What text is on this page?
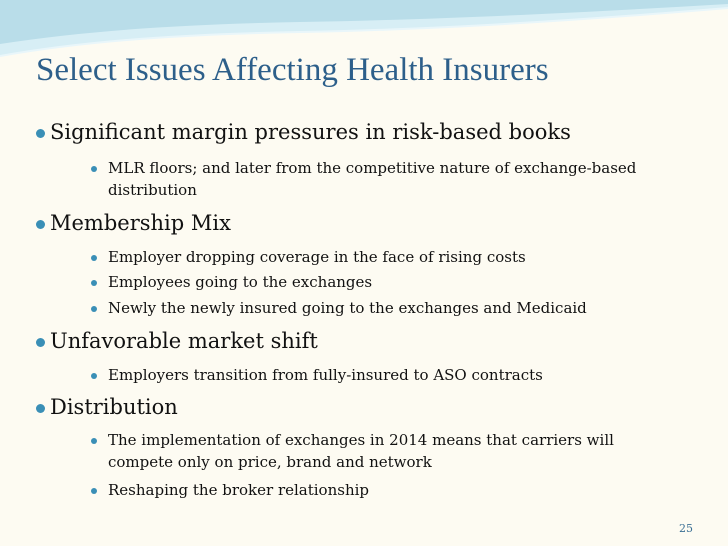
Select Issues Affecting Health Insurers
Significant margin pressures in risk-based books
MLR floors; and later from the competitive nature of exchange-based distribution
Membership Mix
Employer dropping coverage in the face of rising costs
Employees going to the exchanges
Newly the newly insured going to the exchanges and Medicaid
Unfavorable market shift
Employers transition from fully-insured to ASO contracts
Distribution
The implementation of exchanges in 2014 means that carriers will compete only on price, brand and network
Reshaping the broker relationship
25
